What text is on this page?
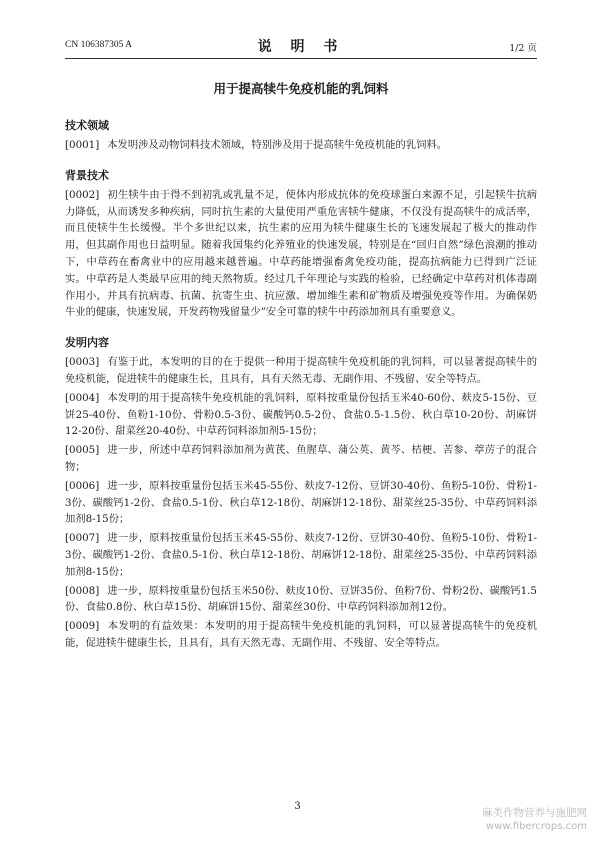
CN 106387305 A	说 明 书	1/2 页
用于提高犊牛免疫机能的乳饲料
技术领域

[0001] 本发明涉及动物饲料技术领域，特别涉及用于提高犊牛免疫机能的乳饲料。

背景技术

[0002] 初生犊牛由于得不到初乳或乳量不足，使体内形成抗体的免疫球蛋白来源不足，引起犊牛抗病力降低，从而诱发多种疾病，同时抗生素的大量使用严重危害犊牛健康，不仅没有提高犊牛的成活率，而且使犊牛生长缓慢。半个多世纪以来，抗生素的应用为犊牛健康生长的飞速发展起了极大的推动作用，但其副作用也日益明显。随着我国集约化养殖业的快速发展，特别是在“回归自然”绿色浪潮的推动下，中草药在畜禽业中的应用越来越普遍。中草药能增强畜禽免疫功能，提高抗病能力已得到广泛证实。中草药是人类最早应用的纯天然物质。经过几千年理论与实践的检验，已经确定中草药对机体毒副作用小，并具有抗病毒、抗菌、抗寄生虫、抗应激、增加维生素和矿物质及增强免疫等作用。为确保奶牛业的健康，快速发展，开发药物残留量少”安全可靠的犊牛中药添加剂具有重要意义。

发明内容

[0003] 有鉴于此，本发明的目的在于提供一种用于提高犊牛免疫机能的乳饲料，可以显著提高犊牛的免疫机能，促进犊牛的健康生长，且具有，具有天然无毒、无副作用、不残留、安全等特点。

[0004] 本发明的用于提高犊牛免疫机能的乳饲料，原料按重量份包括玉米40-60份、麸皮5-15份、豆饼25-40份、鱼粉1-10份、骨粉0.5-3份、碳酸钙0.5-2份、食盐0.5-1.5份、秋白草10-20份、胡麻饼12-20份、甜菜丝20-40份、中草药饲料添加剂5-15份；

[0005] 进一步，所述中草药饲料添加剂为黄芪、鱼腥草、蒲公英、黄芩、桔梗、苦参、葶苈子的混合物；

[0006] 进一步，原料按重量份包括玉米45-55份、麸皮7-12份、豆饼30-40份、鱼粉5-10份、骨粉1-3份、碳酸钙1-2份、食盐0.5-1份、秋白草12-18份、胡麻饼12-18份、甜菜丝25-35份、中草药饲料添加剂8-15份；

[0007] 进一步，原料按重量份包括玉米45-55份、麸皮7-12份、豆饼30-40份、鱼粉5-10份、骨粉1-3份、碳酸钙1-2份、食盐0.5-1份、秋白草12-18份、胡麻饼12-18份、甜菜丝25-35份、中草药饲料添加剂8-15份；

[0008] 进一步，原料按重量份包括玉米50份、麸皮10份、豆饼35份、鱼粉7份、骨粉2份、碳酸钙1.5份、食盐0.8份、秋白草15份、胡麻饼15份、甜菜丝30份、中草药饲料添加剂12份。

[0009] 本发明的有益效果：本发明的用于提高犊牛免疫机能的乳饲料，可以显著提高犊牛的免疫机能，促进犊牛健康生长，且具有，具有天然无毒、无副作用、不残留、安全等特点。

3
麻类作物营养与施肥网
www.fibercrops.com
